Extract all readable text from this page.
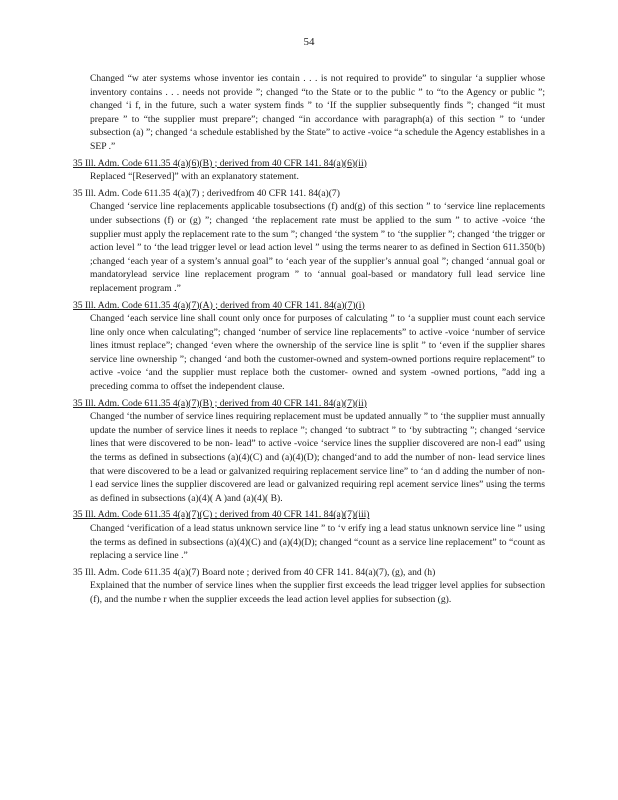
54

Changed “w ater systems whose inventor ies contain . . . is not required to provide” to singular ‘a supplier whose inventory contains . . . needs not provide ”; changed “to the State or to the public ” to “to the Agency or public ”; changed ‘i f, in the future, such a water system finds ” to ‘If the supplier subsequently finds ”; changed “it must prepare ” to “the supplier must prepare”; changed “in accordance with paragraph(a) of this section ” to ‘under subsection (a) ”; changed ‘a schedule established by the State” to active -voice “a schedule the Agency establishes in a SEP .”

35 Ill. Adm. Code 611.35 4(a)(6)(B) ; derived from 40 CFR 141. 84(a)(6)(ii)

Replaced “[Reserved]” with an explanatory statement.

35 Ill. Adm. Code 611.35 4(a)(7) ; derivedfrom 40 CFR 141. 84(a)(7)

Changed ‘service line replacements applicable tosubsections (f) and(g) of this section ” to ‘service line replacements under subsections (f) or (g) ”; changed ‘the replacement rate must be applied to the sum ” to active -voice ‘the supplier must apply the replacement rate to the sum ”; changed ‘the system ” to ‘the supplier ”; changed ‘the trigger or action level ” to ‘the lead trigger level or lead action level ” using the terms nearer to as defined in Section 611.350(b) ;changed ‘each year of a system’s annual goal” to ‘each year of the supplier’s annual goal ”; changed ‘annual goal or mandatorylead service line replacement program ” to ‘annual goal-based or mandatory full lead service line replacement program .”

35 Ill. Adm. Code 611.35 4(a)(7)(A) ; derived from 40 CFR 141. 84(a)(7)(i)

Changed ‘each service line shall count only once for purposes of calculating ” to ‘a supplier must count each service line only once when calculating”; changed ‘number of service line replacements” to active -voice ‘number of service lines itmust replace”; changed ‘even where the ownership of the service line is split ” to ‘even if the supplier shares service line ownership ”; changed ‘and both the customer-owned and system-owned portions require replacement” to active -voice ‘and the supplier must replace both the customer- owned and system -owned portions, ”add ing a preceding comma to offset the independent clause.

35 Ill. Adm. Code 611.35 4(a)(7)(B) ; derived from 40 CFR 141. 84(a)(7)(ii)

Changed ‘the number of service lines requiring replacement must be updated annually ” to ‘the supplier must annually update the number of service lines it needs to replace ”; changed ‘to subtract ” to ‘by subtracting ”; changed ‘service lines that were discovered to be non- lead” to active -voice ‘service lines the supplier discovered are non-l ead” using the terms as defined in subsections (a)(4)(C) and (a)(4)(D); changed‘and to add the number of non- lead service lines that were discovered to be a lead or galvanized requiring replacement service line” to ‘an d adding the number of non-l ead service lines the supplier discovered are lead or galvanized requiring repl acement service lines” using the terms as defined in subsections (a)(4)( A )and (a)(4)( B).

35 Ill. Adm. Code 611.35 4(a)(7)(C) ; derived from 40 CFR 141. 84(a)(7)(iii)

Changed ‘verification of a lead status unknown service line ” to ‘v erify ing a lead status unknown service line ” using the terms as defined in subsections (a)(4)(C) and (a)(4)(D); changed “count as a service line replacement” to “count as replacing a service line .”

35 Ill. Adm. Code 611.35 4(a)(7) Board note ; derived from 40 CFR 141. 84(a)(7), (g), and (h)

Explained that the number of service lines when the supplier first exceeds the lead trigger level applies for subsection (f), and the numbe r when the supplier exceeds the lead action level applies for subsection (g).
